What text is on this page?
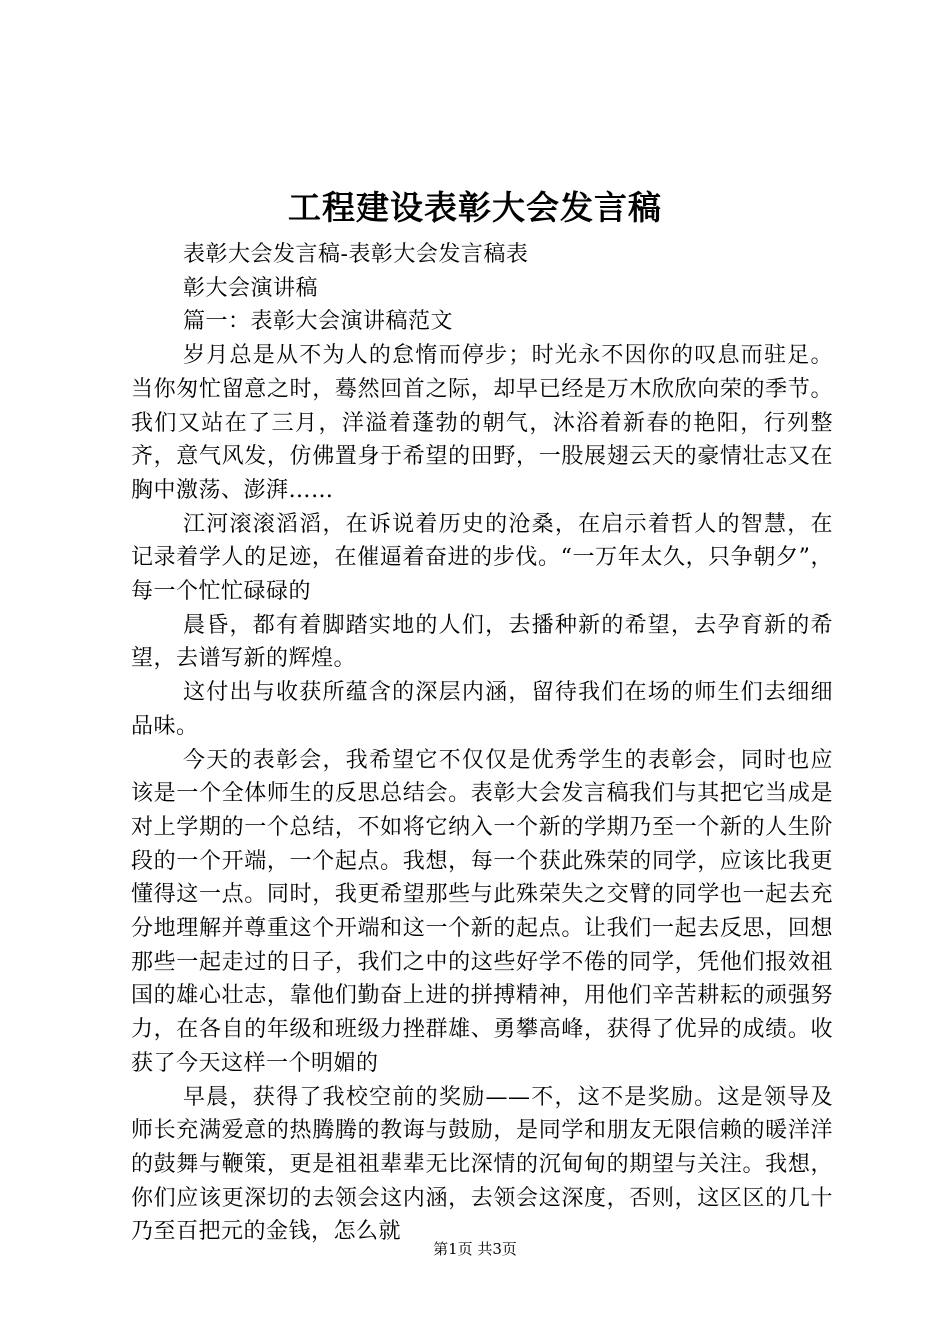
工程建设表彰大会发言稿

表彰大会发言稿-表彰大会发言稿表

彰大会演讲稿

篇一：表彰大会演讲稿范文

岁月总是从不为人的怠惰而停步；时光永不因你的叹息而驻足。当你匆忙留意之时，蓦然回首之际，却早已经是万木欣欣向荣的季节。我们又站在了三月，洋溢着蓬勃的朝气，沐浴着新春的艳阳，行列整齐，意气风发，仿佛置身于希望的田野，一股展翅云天的豪情壮志又在胸中激荡、澎湃……

江河滚滚滔滔，在诉说着历史的沧桑，在启示着哲人的智慧，在记录着学人的足迹，在催逼着奋进的步伐。“一万年太久，只争朝夕”，每一个忙忙碌碌的

晨昏，都有着脚踏实地的人们，去播种新的希望，去孕育新的希望，去谱写新的辉煌。

这付出与收获所蕴含的深层内涵，留待我们在场的师生们去细细品味。

今天的表彰会，我希望它不仅仅是优秀学生的表彰会，同时也应该是一个全体师生的反思总结会。表彰大会发言稿我们与其把它当成是对上学期的一个总结，不如将它纳入一个新的学期乃至一个新的人生阶段的一个开端，一个起点。我想，每一个获此殊荣的同学，应该比我更懂得这一点。同时，我更希望那些与此殊荣失之交臂的同学也一起去充分地理解并尊重这个开端和这一个新的起点。让我们一起去反思，回想那些一起走过的日子，我们之中的这些好学不倦的同学，凭他们报效祖国的雄心壮志，靠他们勤奋上进的拼搏精神，用他们辛苦耕耘的顽强努力，在各自的年级和班级力挫群雄、勇攀高峰，获得了优异的成绩。收获了今天这样一个明媚的

早晨，获得了我校空前的奖励——不，这不是奖励。这是领导及师长充满爱意的热腾腾的教诲与鼓励，是同学和朋友无限信赖的暖洋洋的鼓舞与鞭策，更是祖祖辈辈无比深情的沉甸甸的期望与关注。我想，你们应该更深切的去领会这内涵，去领会这深度，否则，这区区的几十乃至百把元的金钱，怎么就

第1页 共3页
